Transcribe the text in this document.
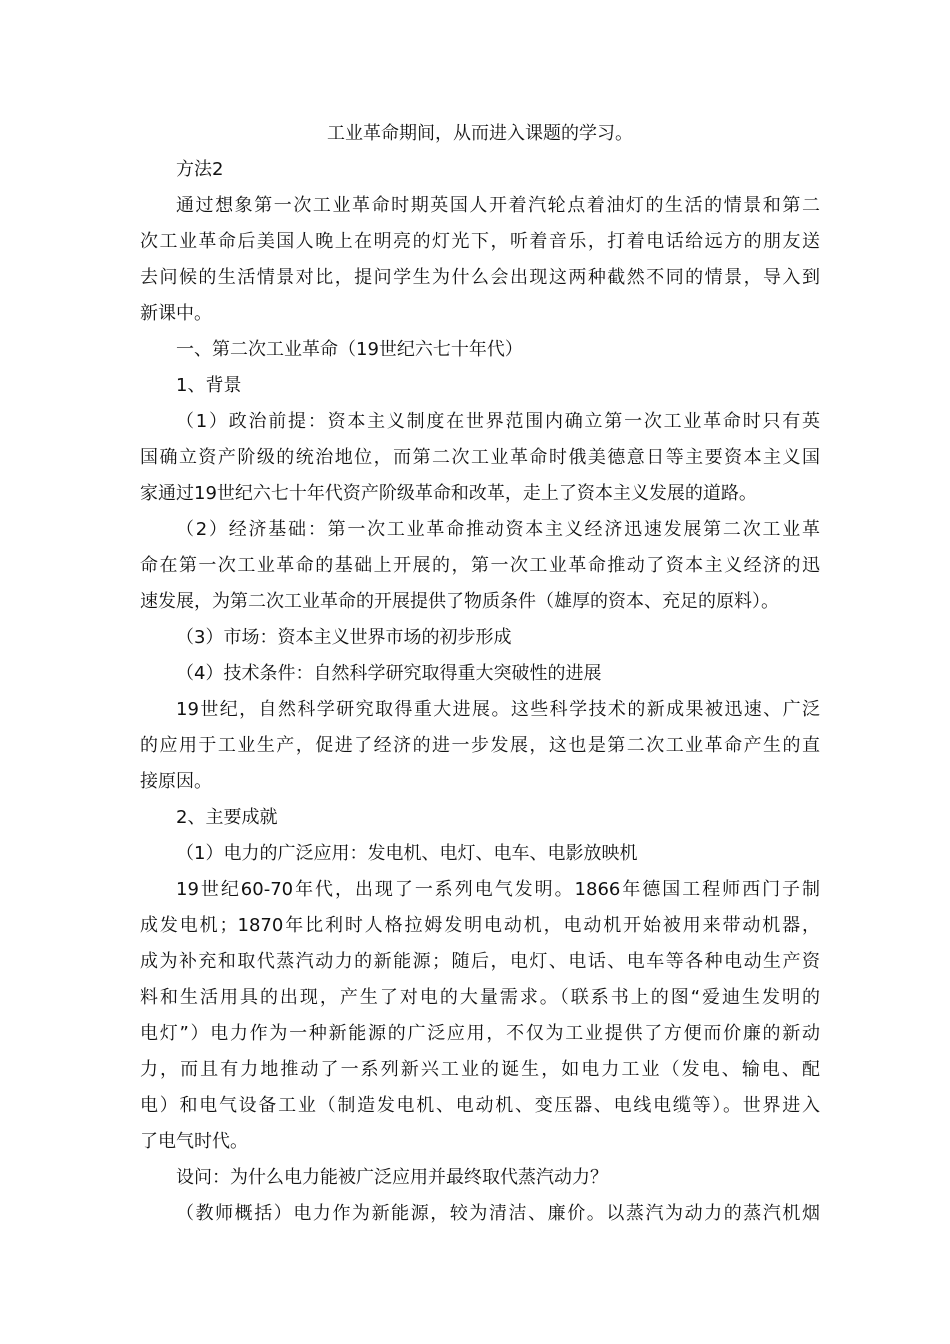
工业革命期间，从而进入课题的学习。

方法2

通过想象第一次工业革命时期英国人开着汽轮点着油灯的生活的情景和第二
次工业革命后美国人晚上在明亮的灯光下，听着音乐，打着电话给远方的朋友送
去问候的生活情景对比，提问学生为什么会出现这两种截然不同的情景，导入到
新课中。

一、第二次工业革命（19世纪六七十年代）

1、背景

（1）政治前提：资本主义制度在世界范围内确立第一次工业革命时只有英
国确立资产阶级的统治地位，而第二次工业革命时俄美德意日等主要资本主义国
家通过19世纪六七十年代资产阶级革命和改革，走上了资本主义发展的道路。
（2）经济基础：第一次工业革命推动资本主义经济迅速发展第二次工业革
命在第一次工业革命的基础上开展的，第一次工业革命推动了资本主义经济的迅
速发展，为第二次工业革命的开展提供了物质条件（雄厚的资本、充足的原料）。

（3）市场：资本主义世界市场的初步形成

（4）技术条件：自然科学研究取得重大突破性的进展

19世纪，自然科学研究取得重大进展。这些科学技术的新成果被迅速、广泛
的应用于工业生产，促进了经济的进一步发展，这也是第二次工业革命产生的直
接原因。

2、主要成就

（1）电力的广泛应用：发电机、电灯、电车、电影放映机

19世纪60-70年代，出现了一系列电气发明。1866年德国工程师西门子制
成发电机；1870年比利时人格拉姆发明电动机，电动机开始被用来带动机器，
成为补充和取代蒸汽动力的新能源；随后，电灯、电话、电车等各种电动生产资
料和生活用具的出现，产生了对电的大量需求。（联系书上的图“爱迪生发明的
电灯”）电力作为一种新能源的广泛应用，不仅为工业提供了方便而价廉的新动
力，而且有力地推动了一系列新兴工业的诞生，如电力工业（发电、输电、配
电）和电气设备工业（制造发电机、电动机、变压器、电线电缆等）。世界进入
了电气时代。

设问：为什么电力能被广泛应用并最终取代蒸汽动力？

（教师概括）电力作为新能源，较为清洁、廉价。以蒸汽为动力的蒸汽机烟
